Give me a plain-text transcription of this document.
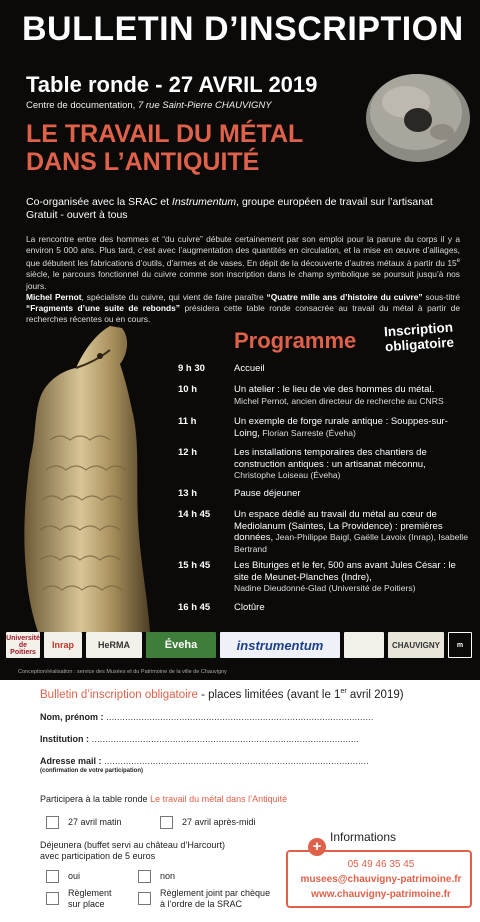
BULLETIN D’INSCRIPTION
Table ronde - 27 AVRIL 2019
Centre de documentation, 7 rue Saint-Pierre CHAUVIGNY
LE TRAVAIL DU MÉTAL
DANS L’ANTIQUITÉ
Co-organisée avec la SRAC et Instrumentum, groupe européen de travail sur l’artisanat
Gratuit - ouvert à tous
La rencontre entre des hommes et “du cuivre” débute certainement par son emploi pour la parure du corps il y a environ 5 000 ans. Plus tard, c’est avec l’augmentation des quantités en circulation, et la mise en œuvre d’alliages, que débutent les fabrications d’outils, d’armes et de vases. En dépit de la découverte d’autres métaux à partir du 15e siècle, le parcours fonctionnel du cuivre comme son inscription dans le champ symbolique se poursuit jusqu’à nos jours.
Michel Pernot, spécialiste du cuivre, qui vient de faire paraître “Quatre mille ans d’histoire du cuivre” sous-titré “Fragments d’une suite de rebonds” présidera cette table ronde consacrée au travail du métal à partir de recherches récentes ou en cours.
Programme	Inscription obligatoire
9 h 30	Accueil
10 h	Un atelier : le lieu de vie des hommes du métal.
Michel Pernot, ancien directeur de recherche au CNRS
11 h	Un exemple de forge rurale antique : Souppes-sur-Loing, Florian Sarreste (Éveha)
12 h	Les installations temporaires des chantiers de construction antiques : un artisanat méconnu,
Christophe Loiseau (Éveha)
13 h	Pause déjeuner
14 h 45	Un espace dédié au travail du métal au cœur de Mediolanum (Saintes, La Providence) : premières données, Jean-Philippe Baigl, Gaëlle Lavoix (Inrap), Isabelle Bertrand
15 h 45	Les Bituriges et le fer, 500 ans avant Jules César : le site de Meunet-Planches (Indre),
Nadine Dieudonné-Glad (Université de Poitiers)
16 h 45	Clotûre
Université de Poitiers
Inrap	HeRMA	Éveha	instrumentum	CHAUVIGNY	m
Conception/réalisation : service des Musées et du Patrimoine de la ville de Chauvigny
Bulletin d’inscription obligatoire - places limitées (avant le 1er avril 2019)
Nom, prénom : ...................................................................................................
Institution : ...................................................................................................
Adresse mail : ..................................................................................................
(confirmation de votre participation)
Participera à la table ronde Le travail du métal dans l’Antiquité
27 avril matin	27 avril après-midi
Déjeunera (buffet servi au château d’Harcourt)
avec participation de 5 euros
oui	non
Règlement
sur place
Règlement joint par chèque
à l’ordre de la SRAC
+
Informations
05 49 46 35 45
musees@chauvigny-patrimoine.fr
www.chauvigny-patrimoine.fr
